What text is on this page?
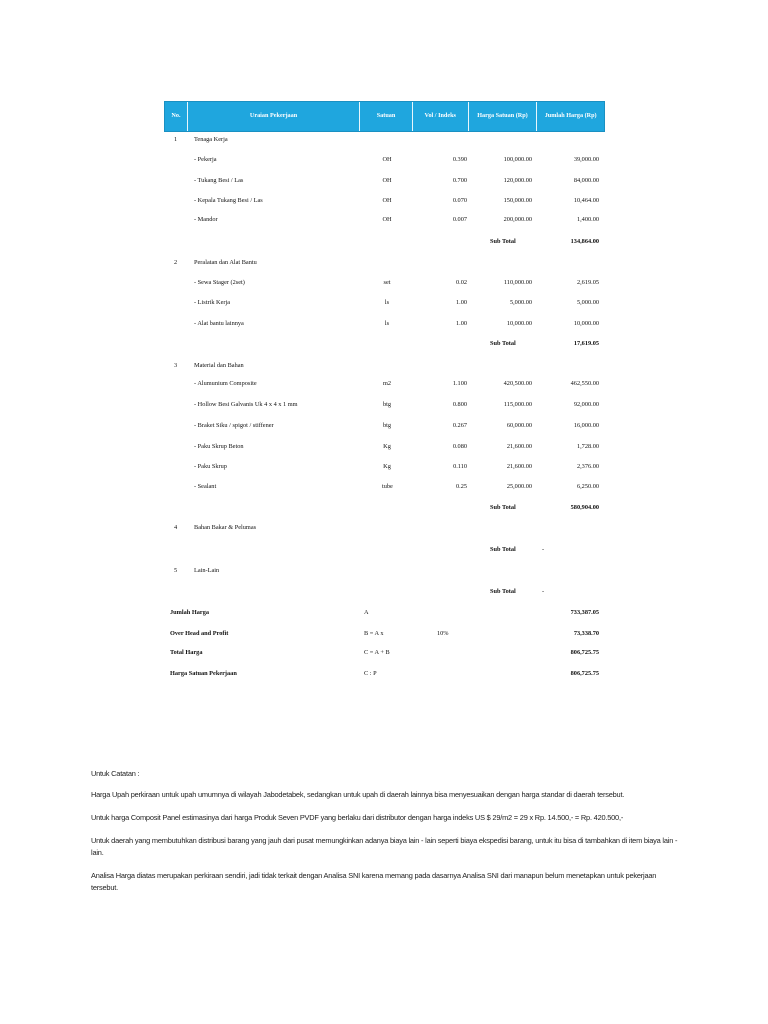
No.	Uraian Pekerjaan	Satuan	Vol / Indeks	Harga Satuan (Rp)	Jumlah Harga (Rp)
1	Tenaga Kerja
- Pekerja	OH	0.390	100,000.00	39,000.00
- Tukang Besi / Las	OH	0.700	120,000.00	84,000.00
- Kepala Tukang Besi / Las	OH	0.070	150,000.00	10,464.00
- Mandor	OH	0.007	200,000.00	1,400.00
Sub Total	134,864.00
2	Peralatan dan Alat Bantu
- Sewa Stager (2set)	set	0.02	110,000.00	2,619.05
- Listrik Kerja	ls	1.00	5,000.00	5,000.00
- Alat bantu lainnya	ls	1.00	10,000.00	10,000.00
Sub Total	17,619.05
3	Material dan Bahan
- Alumunium Composite	m2	1.100	420,500.00	462,550.00
- Hollow Besi Galvanis Uk 4 x 4 x 1 mm	btg	0.800	115,000.00	92,000.00
- Braket Siku / spigot / stiffener	btg	0.267	60,000.00	16,000.00
- Paku Skrup Beton	Kg	0.080	21,600.00	1,728.00
- Paku Skrup	Kg	0.110	21,600.00	2,376.00
- Sealant	tube	0.25	25,000.00	6,250.00
Sub Total	580,904.00
4	Bahan Bakar & Pelumas
Sub Total	-
5	Lain-Lain
Sub Total	-
Jumlah Harga	A	733,387.05
Over Head and Profit	B = A x	10%	73,338.70
Total Harga	C = A + B	806,725.75
Harga Satuan Pekerjaan	C : P	806,725.75

Untuk Catatan :

Harga Upah perkiraan untuk upah umumnya di wilayah Jabodetabek, sedangkan untuk upah di daerah lainnya bisa menyesuaikan dengan harga standar di daerah tersebut.

Untuk harga Composit Panel estimasinya dari harga Produk Seven PVDF yang berlaku dari distributor dengan harga indeks US $ 29/m2 = 29 x Rp. 14.500,- = Rp. 420.500,-

Untuk daerah yang membutuhkan distribusi barang yang jauh dari pusat memungkinkan adanya biaya lain - lain seperti biaya ekspedisi barang, untuk itu bisa di tambahkan di item biaya lain - lain.

Analisa Harga diatas merupakan perkiraan sendiri, jadi tidak terkait dengan Analisa SNI karena memang pada dasarnya Analisa SNI dari manapun belum menetapkan untuk pekerjaan tersebut.
